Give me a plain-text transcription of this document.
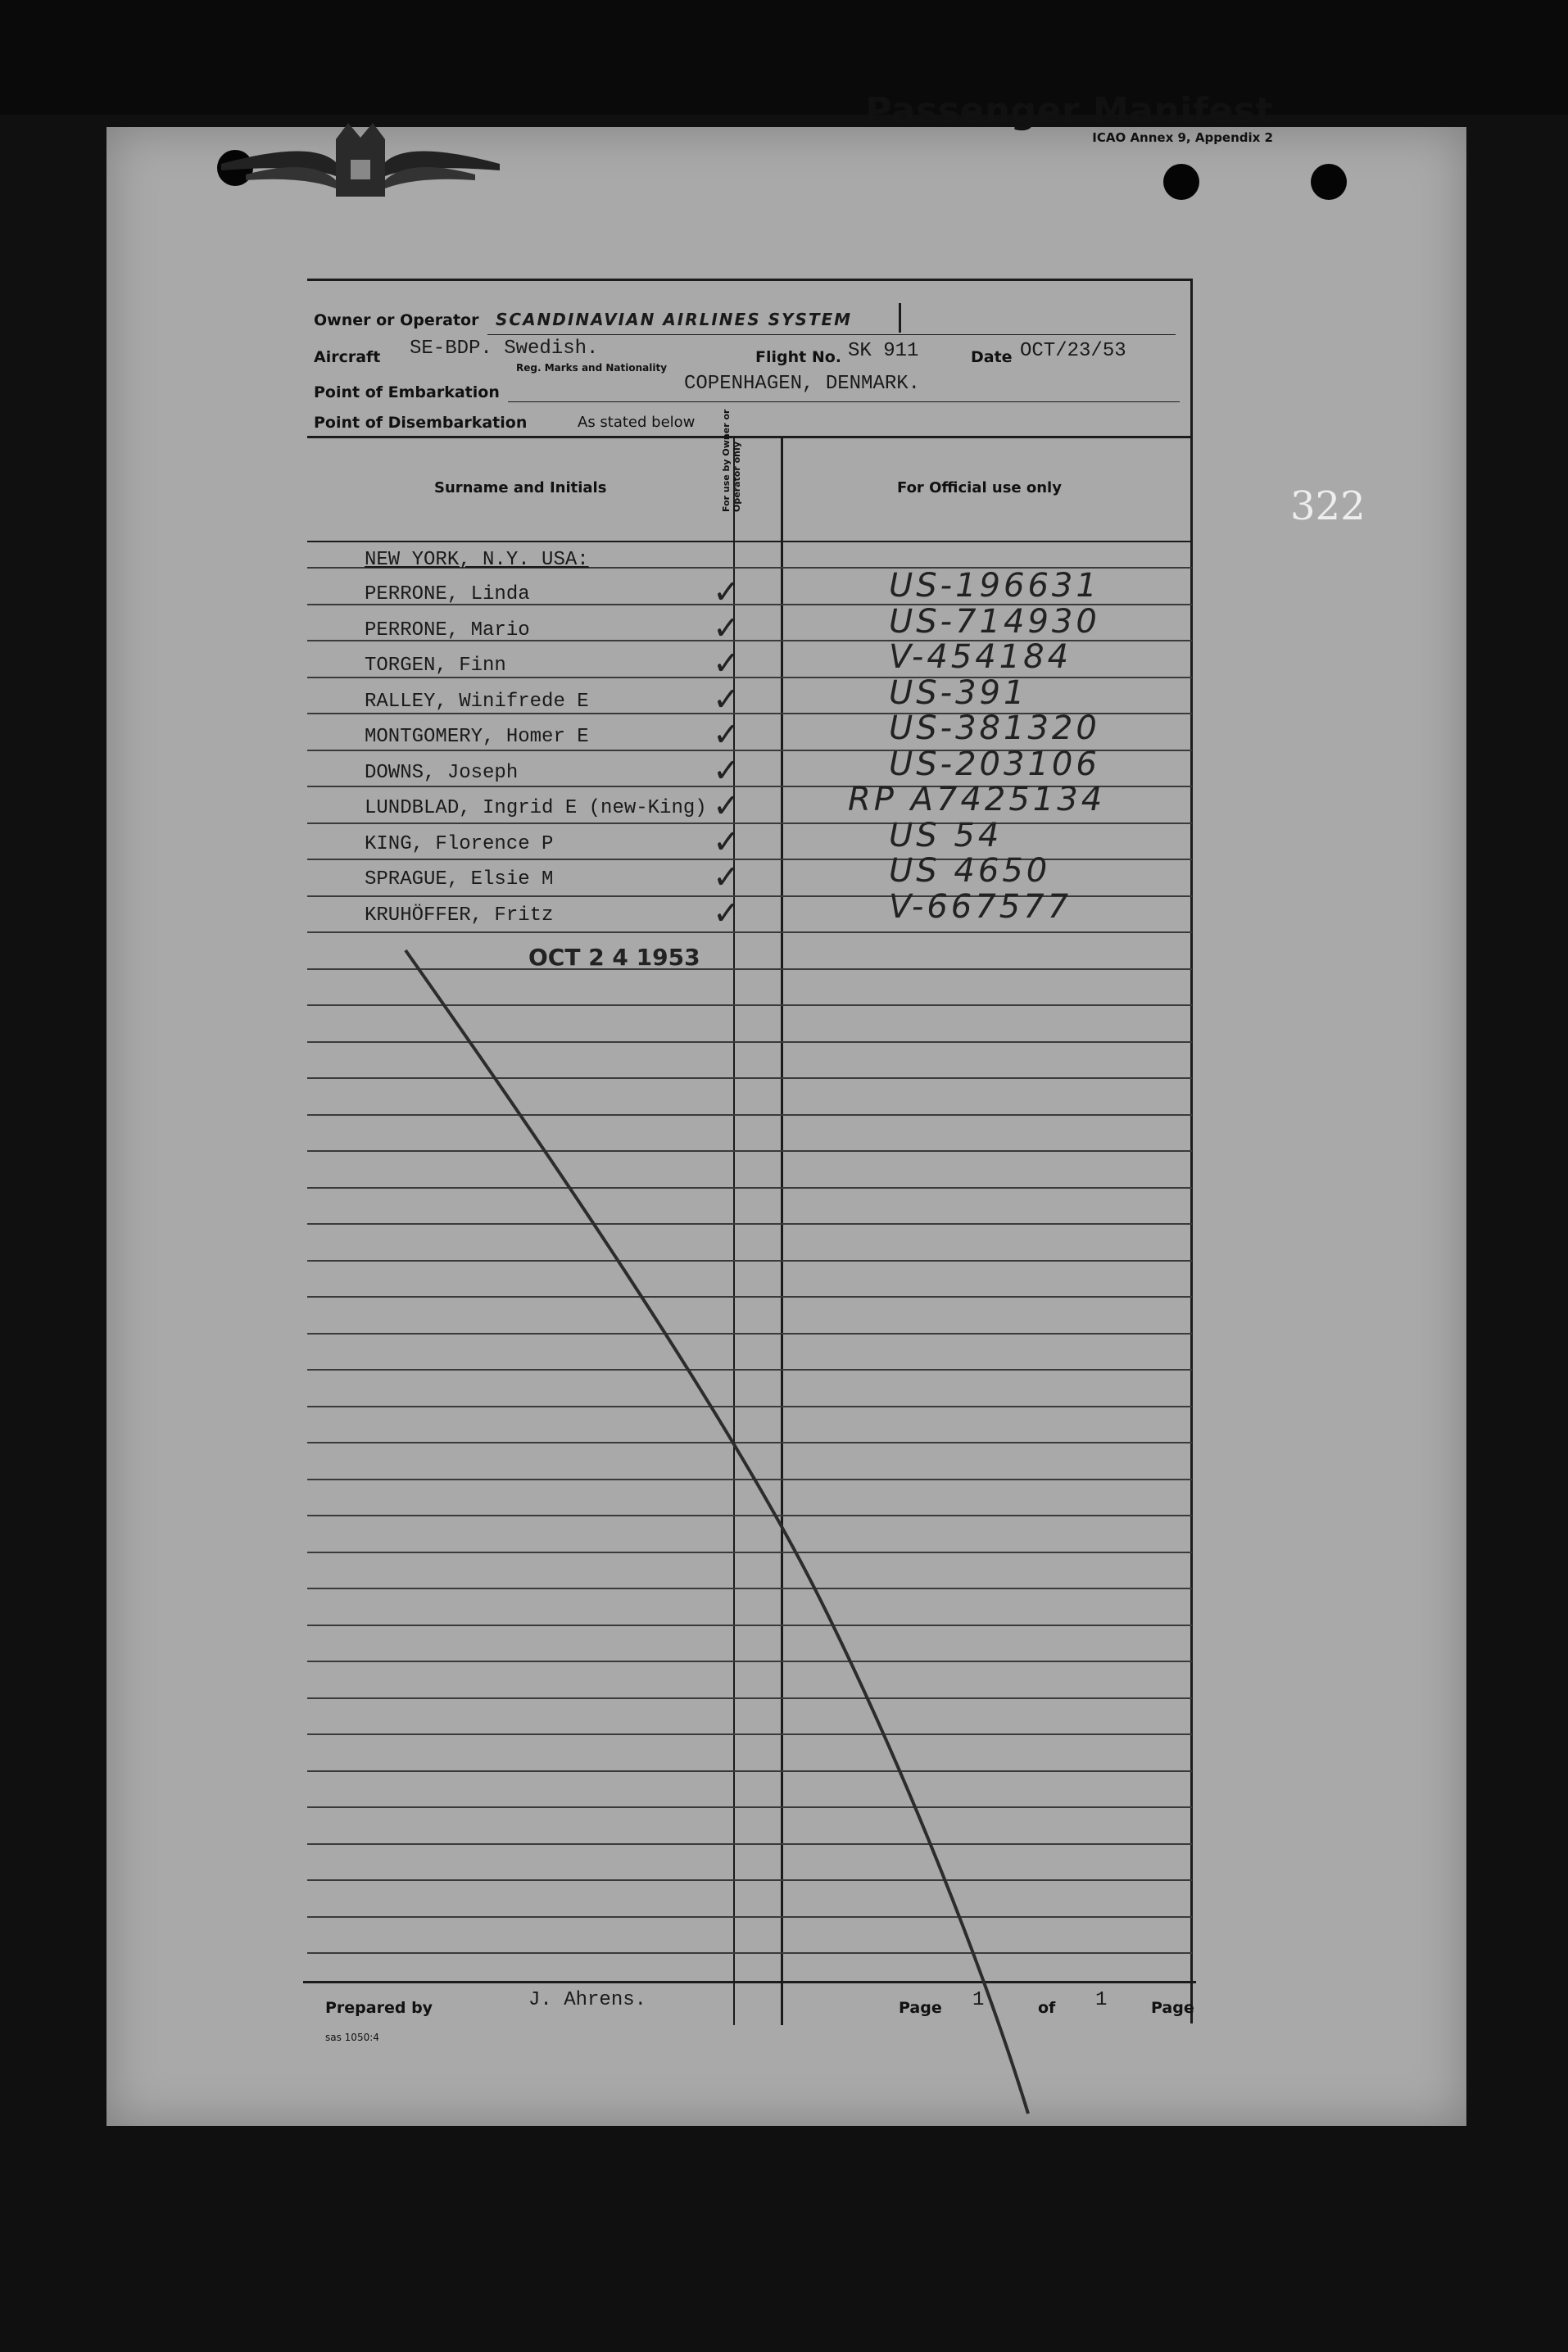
Passenger Manifest
ICAO Annex 9, Appendix 2
322
Owner or Operator SCANDINAVIAN AIRLINES SYSTEM
Aircraft SE-BDP. Swedish.
Reg. Marks and Nationality
Flight No. SK 911	Date OCT/23/53
Point of Embarkation	COPENHAGEN, DENMARK.
Point of Disembarkation	As stated below
Surname and Initials	For use by Owner or Operator only	For Official use only
NEW YORK, N.Y. USA:
PERRONE, Linda	✓	US-196631
PERRONE, Mario	✓	US-714930
TORGEN, Finn	✓	V-454184
RALLEY, Winifrede E	✓	US-391
MONTGOMERY, Homer E	✓	US-381320
DOWNS, Joseph	✓	US-203106
LUNDBLAD, Ingrid E (new-King) ✓	RP A7425134
KING, Florence P	✓	US 54
SPRAGUE, Elsie M	✓	US 4650
KRUHÖFFER, Fritz	✓	V-667577
OCT 2 4 1953
Prepared by	J. Ahrens.	Page 1	of 1	Page
sas 1050:4
